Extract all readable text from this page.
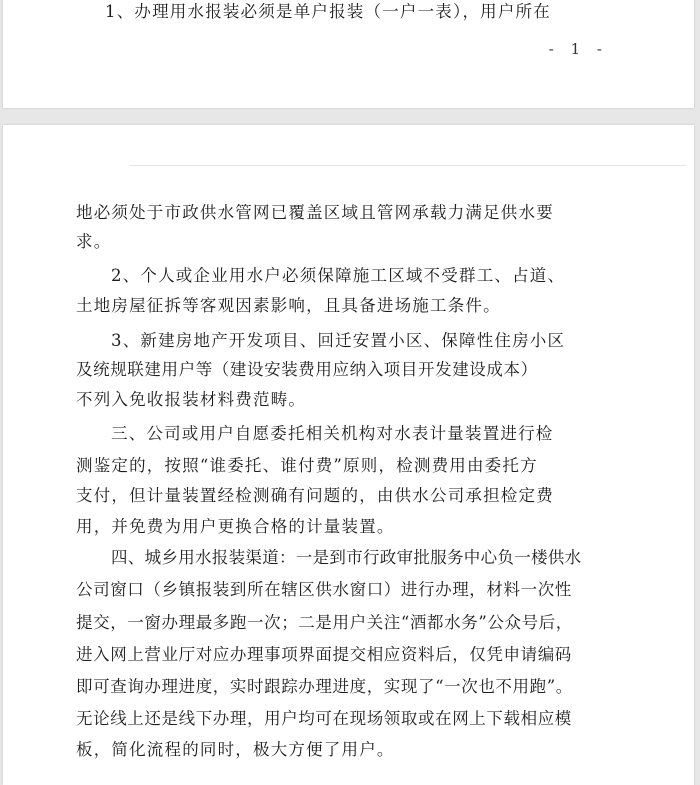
1、办理用水报装必须是单户报装（一户一表），用户所在
- 1 -
地必须处于市政供水管网已覆盖区域且管网承载力满足供水要
求。
2、个人或企业用水户必须保障施工区域不受群工、占道、
土地房屋征拆等客观因素影响，且具备进场施工条件。
3、新建房地产开发项目、回迁安置小区、保障性住房小区
及统规联建用户等（建设安装费用应纳入项目开发建设成本）
不列入免收报装材料费范畴。
三、公司或用户自愿委托相关机构对水表计量装置进行检
测鉴定的，按照“谁委托、谁付费”原则，检测费用由委托方
支付，但计量装置经检测确有问题的，由供水公司承担检定费
用，并免费为用户更换合格的计量装置。
四、城乡用水报装渠道：一是到市行政审批服务中心负一楼供水
公司窗口（乡镇报装到所在辖区供水窗口）进行办理，材料一次性
提交，一窗办理最多跑一次；二是用户关注“酒都水务”公众号后，
进入网上营业厅对应办理事项界面提交相应资料后，仅凭申请编码
即可查询办理进度，实时跟踪办理进度，实现了“一次也不用跑”。
无论线上还是线下办理，用户均可在现场领取或在网上下载相应模
板，简化流程的同时，极大方便了用户。
